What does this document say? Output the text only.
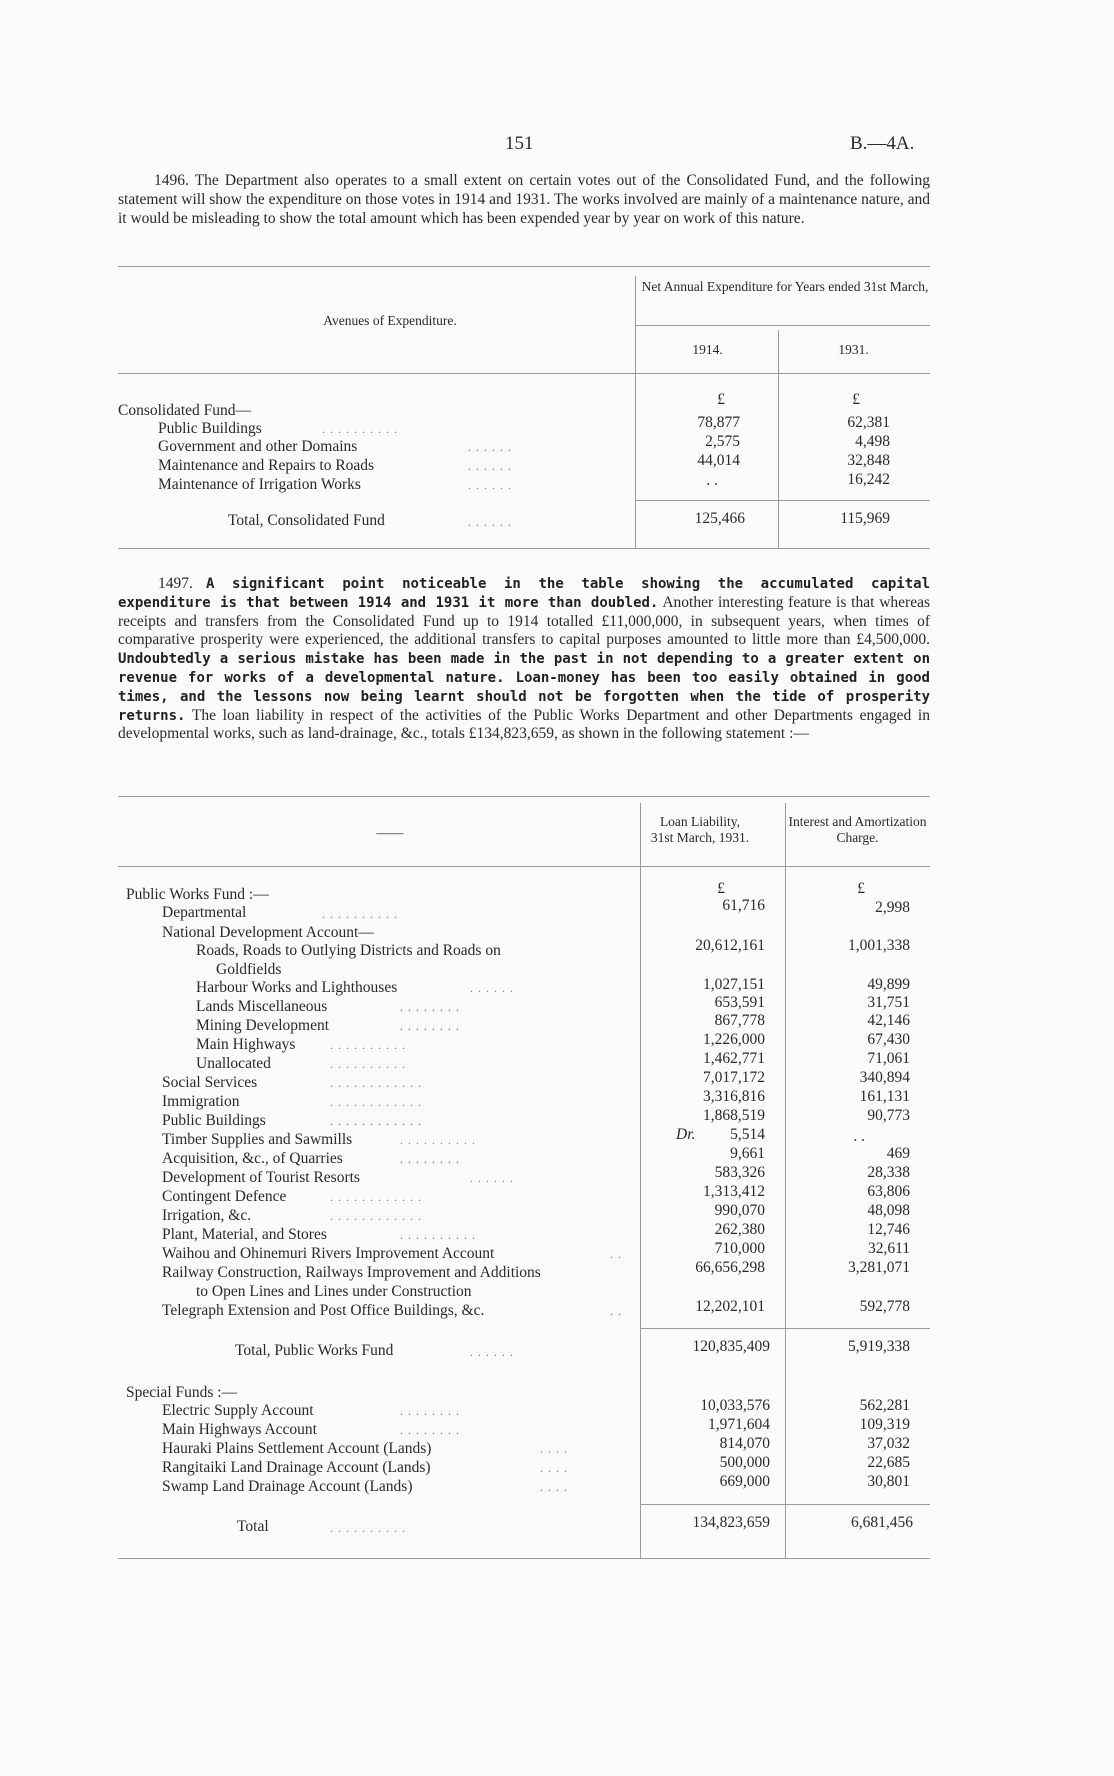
151	B.—4A.
1496. The Department also operates to a small extent on certain votes out of the Consolidated Fund, and the following statement will show the expenditure on those votes in 1914 and 1931. The works involved are mainly of a maintenance nature, and it would be misleading to show the total amount which has been expended year by year on work of this nature.
Avenues of Expenditure.
Net Annual Expenditure for Years ended 31st March,
1914.	1931.
£	£
Consolidated Fund—
Public Buildings	. . . . . . . . . .	78,877	62,381
Government and other Domains	. . . . . .	2,575	4,498
Maintenance and Repairs to Roads	. . . . . .	44,014	32,848
Maintenance of Irrigation Works	. . . . . .	. .	16,242
Total, Consolidated Fund	. . . . . .	125,466	115,969
1497. A significant point noticeable in the table showing the accumulated capital expenditure is that between 1914 and 1931 it more than doubled. Another interesting feature is that whereas receipts and transfers from the Consolidated Fund up to 1914 totalled £11,000,000, in subsequent years, when times of comparative prosperity were experienced, the additional transfers to capital purposes amounted to little more than £4,500,000. Undoubtedly a serious mistake has been made in the past in not depending to a greater extent on revenue for works of a developmental nature. Loan-money has been too easily obtained in good times, and the lessons now being learnt should not be forgotten when the tide of prosperity returns. The loan liability in respect of the activities of the Public Works Department and other Departments engaged in developmental works, such as land-drainage, &c., totals £134,823,659, as shown in the following statement :—
——
Loan Liability, 31st March, 1931.
Interest and Amortization Charge.
£	£
Public Works Fund :—
Departmental	. . . . . . . . . .	61,716	2,998
National Development Account—
Roads, Roads to Outlying Districts and Roads on
Goldfields
20,612,161	1,001,338
Harbour Works and Lighthouses	. . . . . .	1,027,151	49,899
Lands Miscellaneous	. . . . . . . .	653,591	31,751
Mining Development	. . . . . . . .	867,778	42,146
Main Highways	. . . . . . . . . .	1,226,000	67,430
Unallocated	. . . . . . . . . .	1,462,771	71,061
Social Services	. . . . . . . . . . . .	7,017,172	340,894
Immigration	. . . . . . . . . . . .	3,316,816	161,131
Public Buildings	. . . . . . . . . . . .	1,868,519	90,773
Timber Supplies and Sawmills	. . . . . . . . . .	Dr.	5,514	. .
Acquisition, &c., of Quarries	. . . . . . . .	9,661	469
Development of Tourist Resorts	. . . . . .	583,326	28,338
Contingent Defence	. . . . . . . . . . . .	1,313,412	63,806
Irrigation, &c.	. . . . . . . . . . . .	990,070	48,098
Plant, Material, and Stores	. . . . . . . . . .	262,380	12,746
Waihou and Ohinemuri Rivers Improvement Account	. .	710,000	32,611
Railway Construction, Railways Improvement and Additions
to Open Lines and Lines under Construction
66,656,298	3,281,071
Telegraph Extension and Post Office Buildings, &c.	. .	12,202,101	592,778
Total, Public Works Fund	. . . . . .	120,835,409	5,919,338
Special Funds :—
Electric Supply Account	. . . . . . . .	10,033,576	562,281
Main Highways Account	. . . . . . . .	1,971,604	109,319
Hauraki Plains Settlement Account (Lands)	. . . .	814,070	37,032
Rangitaiki Land Drainage Account (Lands)	. . . .	500,000	22,685
Swamp Land Drainage Account (Lands)	. . . .	669,000	30,801
Total	. . . . . . . . . .	134,823,659	6,681,456
